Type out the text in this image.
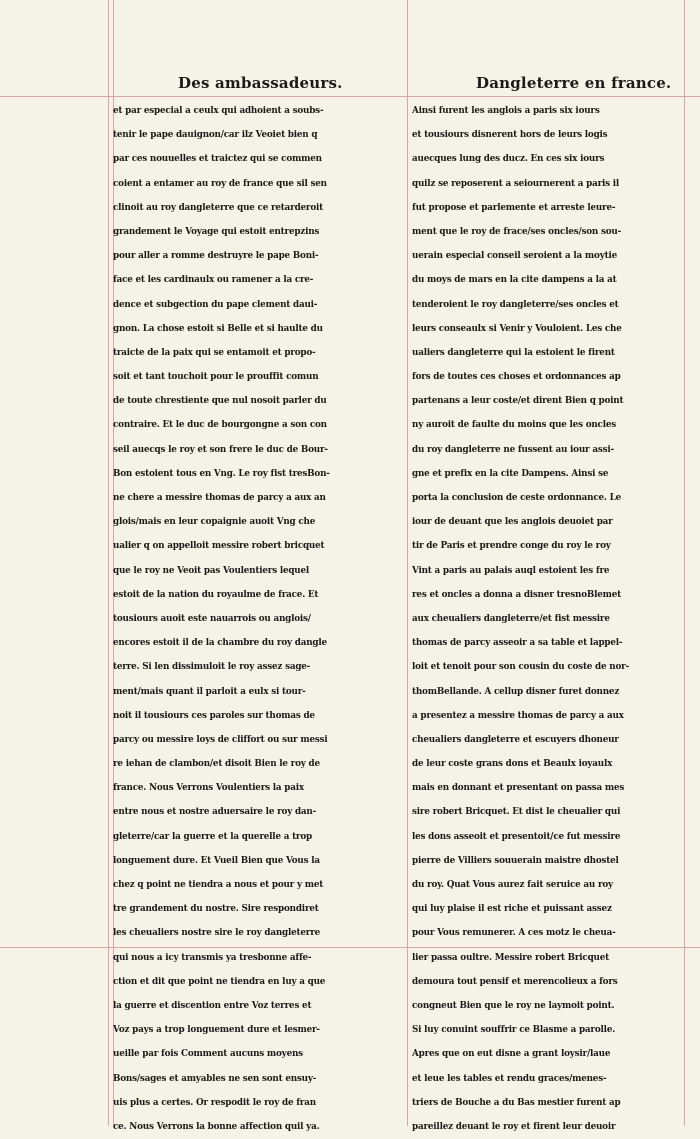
Des ambassadeurs.	Dangleterre en france.
et par especial a ceulx qui adhoient a soubs-
tenir le pape dauignon/car ilz Veoiet bien q
par ces nouuelles et traictez qui se commen
coient a entamer au roy de france que sil sen
clinoit au roy dangleterre que ce retarderoit
grandement le Voyage qui estoit entrepzins
pour aller a romme destruyre le pape Boni-
face et les cardinaulx ou ramener a la cre-
dence et subgection du pape clement daui-
gnon. La chose estoit si Belle et si haulte du
traicte de la paix qui se entamoit et propo-
soit et tant touchoit pour le prouffit comun
de toute chrestiente que nul nosoit parler du
contraire. Et le duc de bourgongne a son con
seil auecqs le roy et son frere le duc de Bour-
Bon estoient tous en Vng. Le roy fist tresBon-
ne chere a messire thomas de parcy a aux an
glois/mais en leur copaignie auoit Vng che
ualier q on appelloit messire robert bricquet
que le roy ne Veoit pas Voulentiers lequel
estoit de la nation du royaulme de frace. Et
tousiours auoit este nauarrois ou anglois/
encores estoit il de la chambre du roy dangle
terre. Si len dissimuloit le roy assez sage-
ment/mais quant il parloit a eulx si tour-
noit il tousiours ces paroles sur thomas de
parcy ou messire loys de cliffort ou sur messi
re iehan de clambon/et disoit Bien le roy de
france. Nous Verrons Voulentiers la paix
entre nous et nostre aduersaire le roy dan-
gleterre/car la guerre et la querelle a trop
longuement dure. Et Vueil Bien que Vous la
chez q point ne tiendra a nous et pour y met
tre grandement du nostre. Sire respondiret
les cheualiers nostre sire le roy dangleterre
qui nous a icy transmis ya tresbonne affe-
ction et dit que point ne tiendra en luy a que
la guerre et discention entre Voz terres et
Voz pays a trop longuement dure et lesmer-
ueille par fois Comment aucuns moyens
Bons/sages et amyables ne sen sont ensuy-
uis plus a certes. Or respodit le roy de fran
ce. Nous Verrons la bonne affection quil ya.
Ainsi furent les anglois a paris six iours
et tousiours disnerent hors de leurs logis
auecques lung des ducz. En ces six iours
quilz se reposerent a seiournerent a paris il
fut propose et parlemente et arreste leure-
ment que le roy de frace/ses oncles/son sou-
uerain especial conseil seroient a la moytie
du moys de mars en la cite dampens a la at
tenderoient le roy dangleterre/ses oncles et
leurs conseaulx si Venir y Vouloient. Les che
ualiers dangleterre qui la estoient le firent
fors de toutes ces choses et ordonnances ap
partenans a leur coste/et dirent Bien q point
ny auroit de faulte du moins que les oncles
du roy dangleterre ne fussent au iour assi-
gne et prefix en la cite Dampens. Ainsi se
porta la conclusion de ceste ordonnance. Le
iour de deuant que les anglois deuoiet par
tir de Paris et prendre conge du roy le roy
Vint a paris au palais auql estoient les fre
res et oncles a donna a disner tresnoBlemet
aux cheualiers dangleterre/et fist messire
thomas de parcy asseoir a sa table et lappel-
loit et tenoit pour son cousin du coste de nor-
thomBellande. A cellup disner furet donnez
a presentez a messire thomas de parcy a aux
cheualiers dangleterre et escuyers dhoneur
de leur coste grans dons et Beaulx ioyaulx
mais en donnant et presentant on passa mes
sire robert Bricquet. Et dist le cheualier qui
les dons asseoit et presentoit/ce fut messire
pierre de Villiers souuerain maistre dhostel
du roy. Quat Vous aurez fait seruice au roy
qui luy plaise il est riche et puissant assez
pour Vous remunerer. A ces motz le cheua-
lier passa oultre. Messire robert Bricquet
demoura tout pensif et merencolieux a fors
congneut Bien que le roy ne laymoit point.
Si luy conuint souffrir ce Blasme a parolle.
Apres que on eut disne a grant loysir/laue
et leue les tables et rendu graces/menes-
triers de Bouche a du Bas mestier furent ap
pareillez deuant le roy et firent leur deuoir
